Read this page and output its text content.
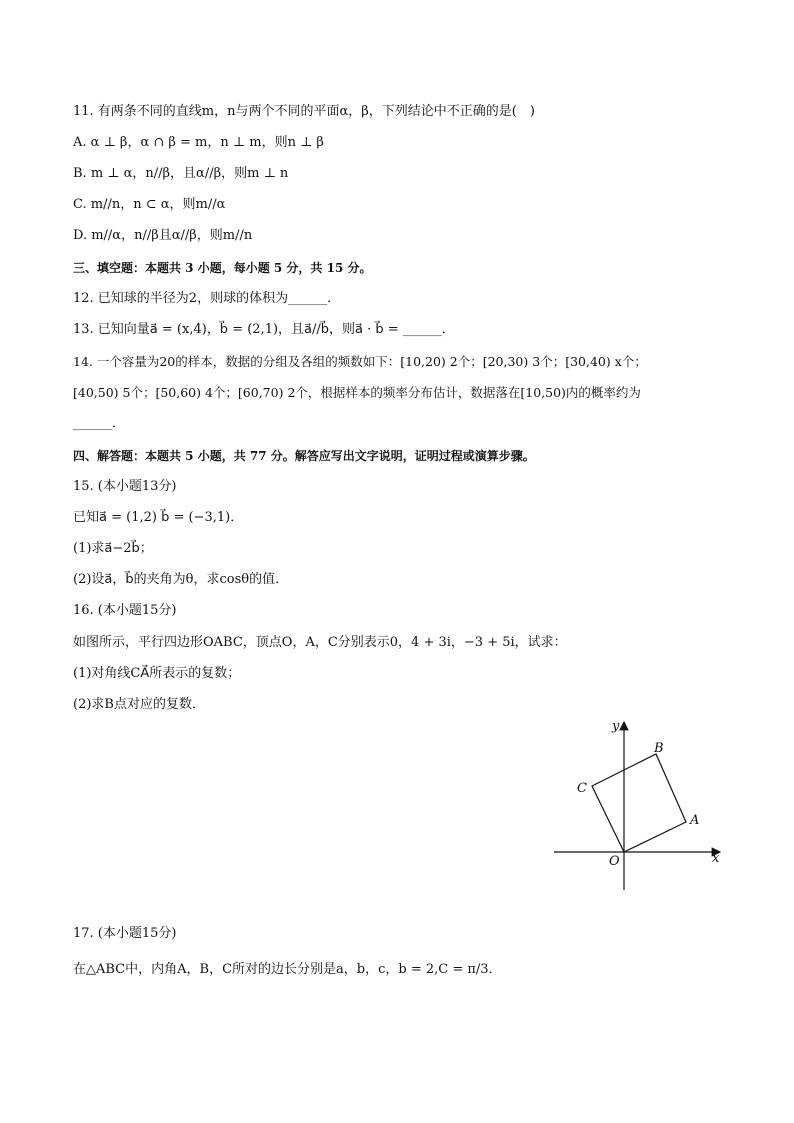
11. 有两条不同的直线m，n与两个不同的平面α，β，下列结论中不正确的是(　)
A. α ⊥ β，α ∩ β = m，n ⊥ m，则n ⊥ β
B. m ⊥ α，n//β，且α//β，则m ⊥ n
C. m//n，n ⊂ α，则m//α
D. m//α，n//β且α//β，则m//n
三、填空题：本题共 3 小题，每小题 5 分，共 15 分。
12. 已知球的半径为2，则球的体积为______．
13. 已知向量a⃗ = (x,4)，b⃗ = (2,1)，且a⃗//b⃗，则a⃗ · b⃗ = ______．
14. 一个容量为20的样本，数据的分组及各组的频数如下：[10,20) 2个；[20,30) 3个；[30,40) x个；
[40,50) 5个；[50,60) 4个；[60,70) 2个，根据样本的频率分布估计，数据落在[10,50)内的概率约为
______．
四、解答题：本题共 5 小题，共 77 分。解答应写出文字说明，证明过程或演算步骤。
15. (本小题13分)
已知a⃗ = (1,2) b⃗ = (−3,1)．
(1)求a⃗−2b⃗；
(2)设a⃗，b⃗的夹角为θ，求cosθ的值．
16. (本小题15分)
如图所示，平行四边形OABC，顶点O，A，C分别表示0，4 + 3i，−3 + 5i，试求：
(1)对角线CA⃗所表示的复数；
(2)求B点对应的复数．
y
x
O
A
B
C
17. (本小题15分)
在△ABC中，内角A，B，C所对的边长分别是a，b，c，b = 2,C = π/3．
